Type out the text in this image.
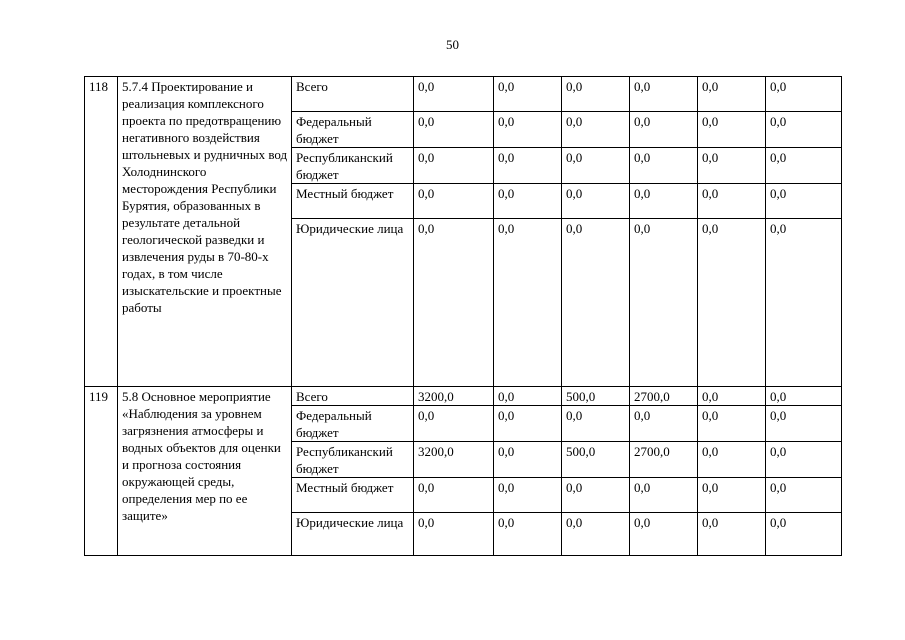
50
118	5.7.4 Проектирование и реализация комплексного проекта по предотвращению негативного воздействия штольневых и рудничных вод Холоднинского месторождения Республики Бурятия, образованных в результате детальной геологической разведки и извлечения руды в 70-80-х годах, в том числе изыскательские и проектные работы	Всего	0,0	0,0	0,0	0,0	0,0	0,0
		Федеральный бюджет	0,0	0,0	0,0	0,0	0,0	0,0
		Республиканский бюджет	0,0	0,0	0,0	0,0	0,0	0,0
		Местный бюджет	0,0	0,0	0,0	0,0	0,0	0,0
		Юридические лица	0,0	0,0	0,0	0,0	0,0	0,0
119	5.8 Основное мероприятие «Наблюдения за уровнем загрязнения атмосферы и водных объектов для оценки и прогноза состояния окружающей среды, определения мер по ее защите»	Всего	3200,0	0,0	500,0	2700,0	0,0	0,0
		Федеральный бюджет	0,0	0,0	0,0	0,0	0,0	0,0
		Республиканский бюджет	3200,0	0,0	500,0	2700,0	0,0	0,0
		Местный бюджет	0,0	0,0	0,0	0,0	0,0	0,0
		Юридические лица	0,0	0,0	0,0	0,0	0,0	0,0
